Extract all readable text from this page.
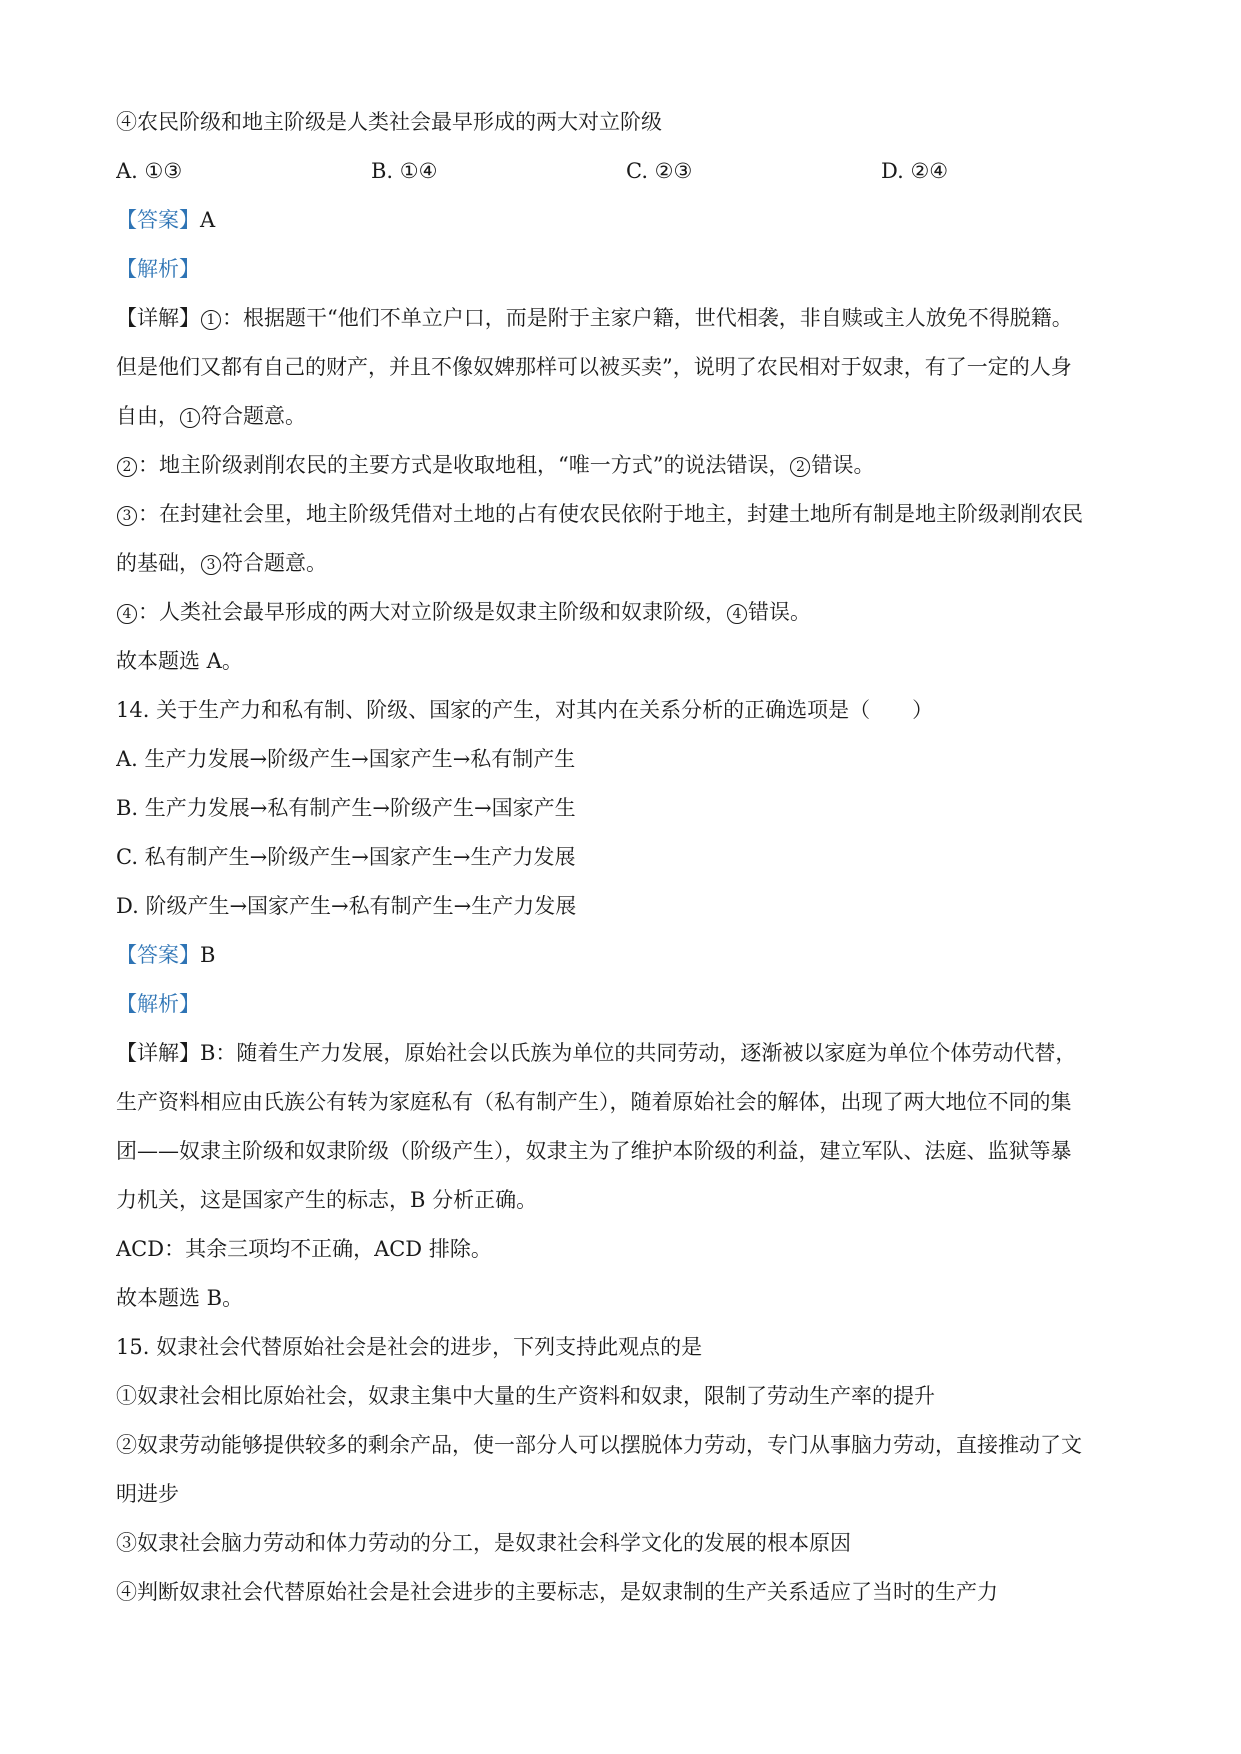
④农民阶级和地主阶级是人类社会最早形成的两大对立阶级
A. ①③	B. ①④	C. ②③	D. ②④
【答案】A
【解析】
【详解】 1 ：根据题干“他们不单立户口，而是附于主家户籍，世代相袭，非自赎或主人放免不得脱籍。
但是他们又都有自己的财产，并且不像奴婢那样可以被买卖”，说明了农民相对于奴隶，有了一定的人身
自由， 1 符合题意。
2 ：地主阶级剥削农民的主要方式是收取地租，“唯一方式”的说法错误， 2 错误。
3 ：在封建社会里，地主阶级凭借对土地的占有使农民依附于地主，封建土地所有制是地主阶级剥削农民
的基础， 3 符合题意。
4 ：人类社会最早形成的两大对立阶级是奴隶主阶级和奴隶阶级， 4 错误。
故本题选 A。
14. 关于生产力和私有制、阶级、国家的产生，对其内在关系分析的正确选项是（　　）
A. 生产力发展→阶级产生→国家产生→私有制产生
B. 生产力发展→私有制产生→阶级产生→国家产生
C. 私有制产生→阶级产生→国家产生→生产力发展
D. 阶级产生→国家产生→私有制产生→生产力发展
【答案】B
【解析】
【详解】B：随着生产力发展，原始社会以氏族为单位的共同劳动，逐渐被以家庭为单位个体劳动代替，
生产资料相应由氏族公有转为家庭私有（私有制产生），随着原始社会的解体，出现了两大地位不同的集
团——奴隶主阶级和奴隶阶级（阶级产生），奴隶主为了维护本阶级的利益，建立军队、法庭、监狱等暴
力机关，这是国家产生的标志，B 分析正确。
ACD：其余三项均不正确，ACD 排除。
故本题选 B。
15. 奴隶社会代替原始社会是社会的进步，下列支持此观点的是
①奴隶社会相比原始社会，奴隶主集中大量的生产资料和奴隶，限制了劳动生产率的提升
②奴隶劳动能够提供较多的剩余产品，使一部分人可以摆脱体力劳动，专门从事脑力劳动，直接推动了文
明进步
③奴隶社会脑力劳动和体力劳动的分工，是奴隶社会科学文化的发展的根本原因
④判断奴隶社会代替原始社会是社会进步的主要标志，是奴隶制的生产关系适应了当时的生产力
